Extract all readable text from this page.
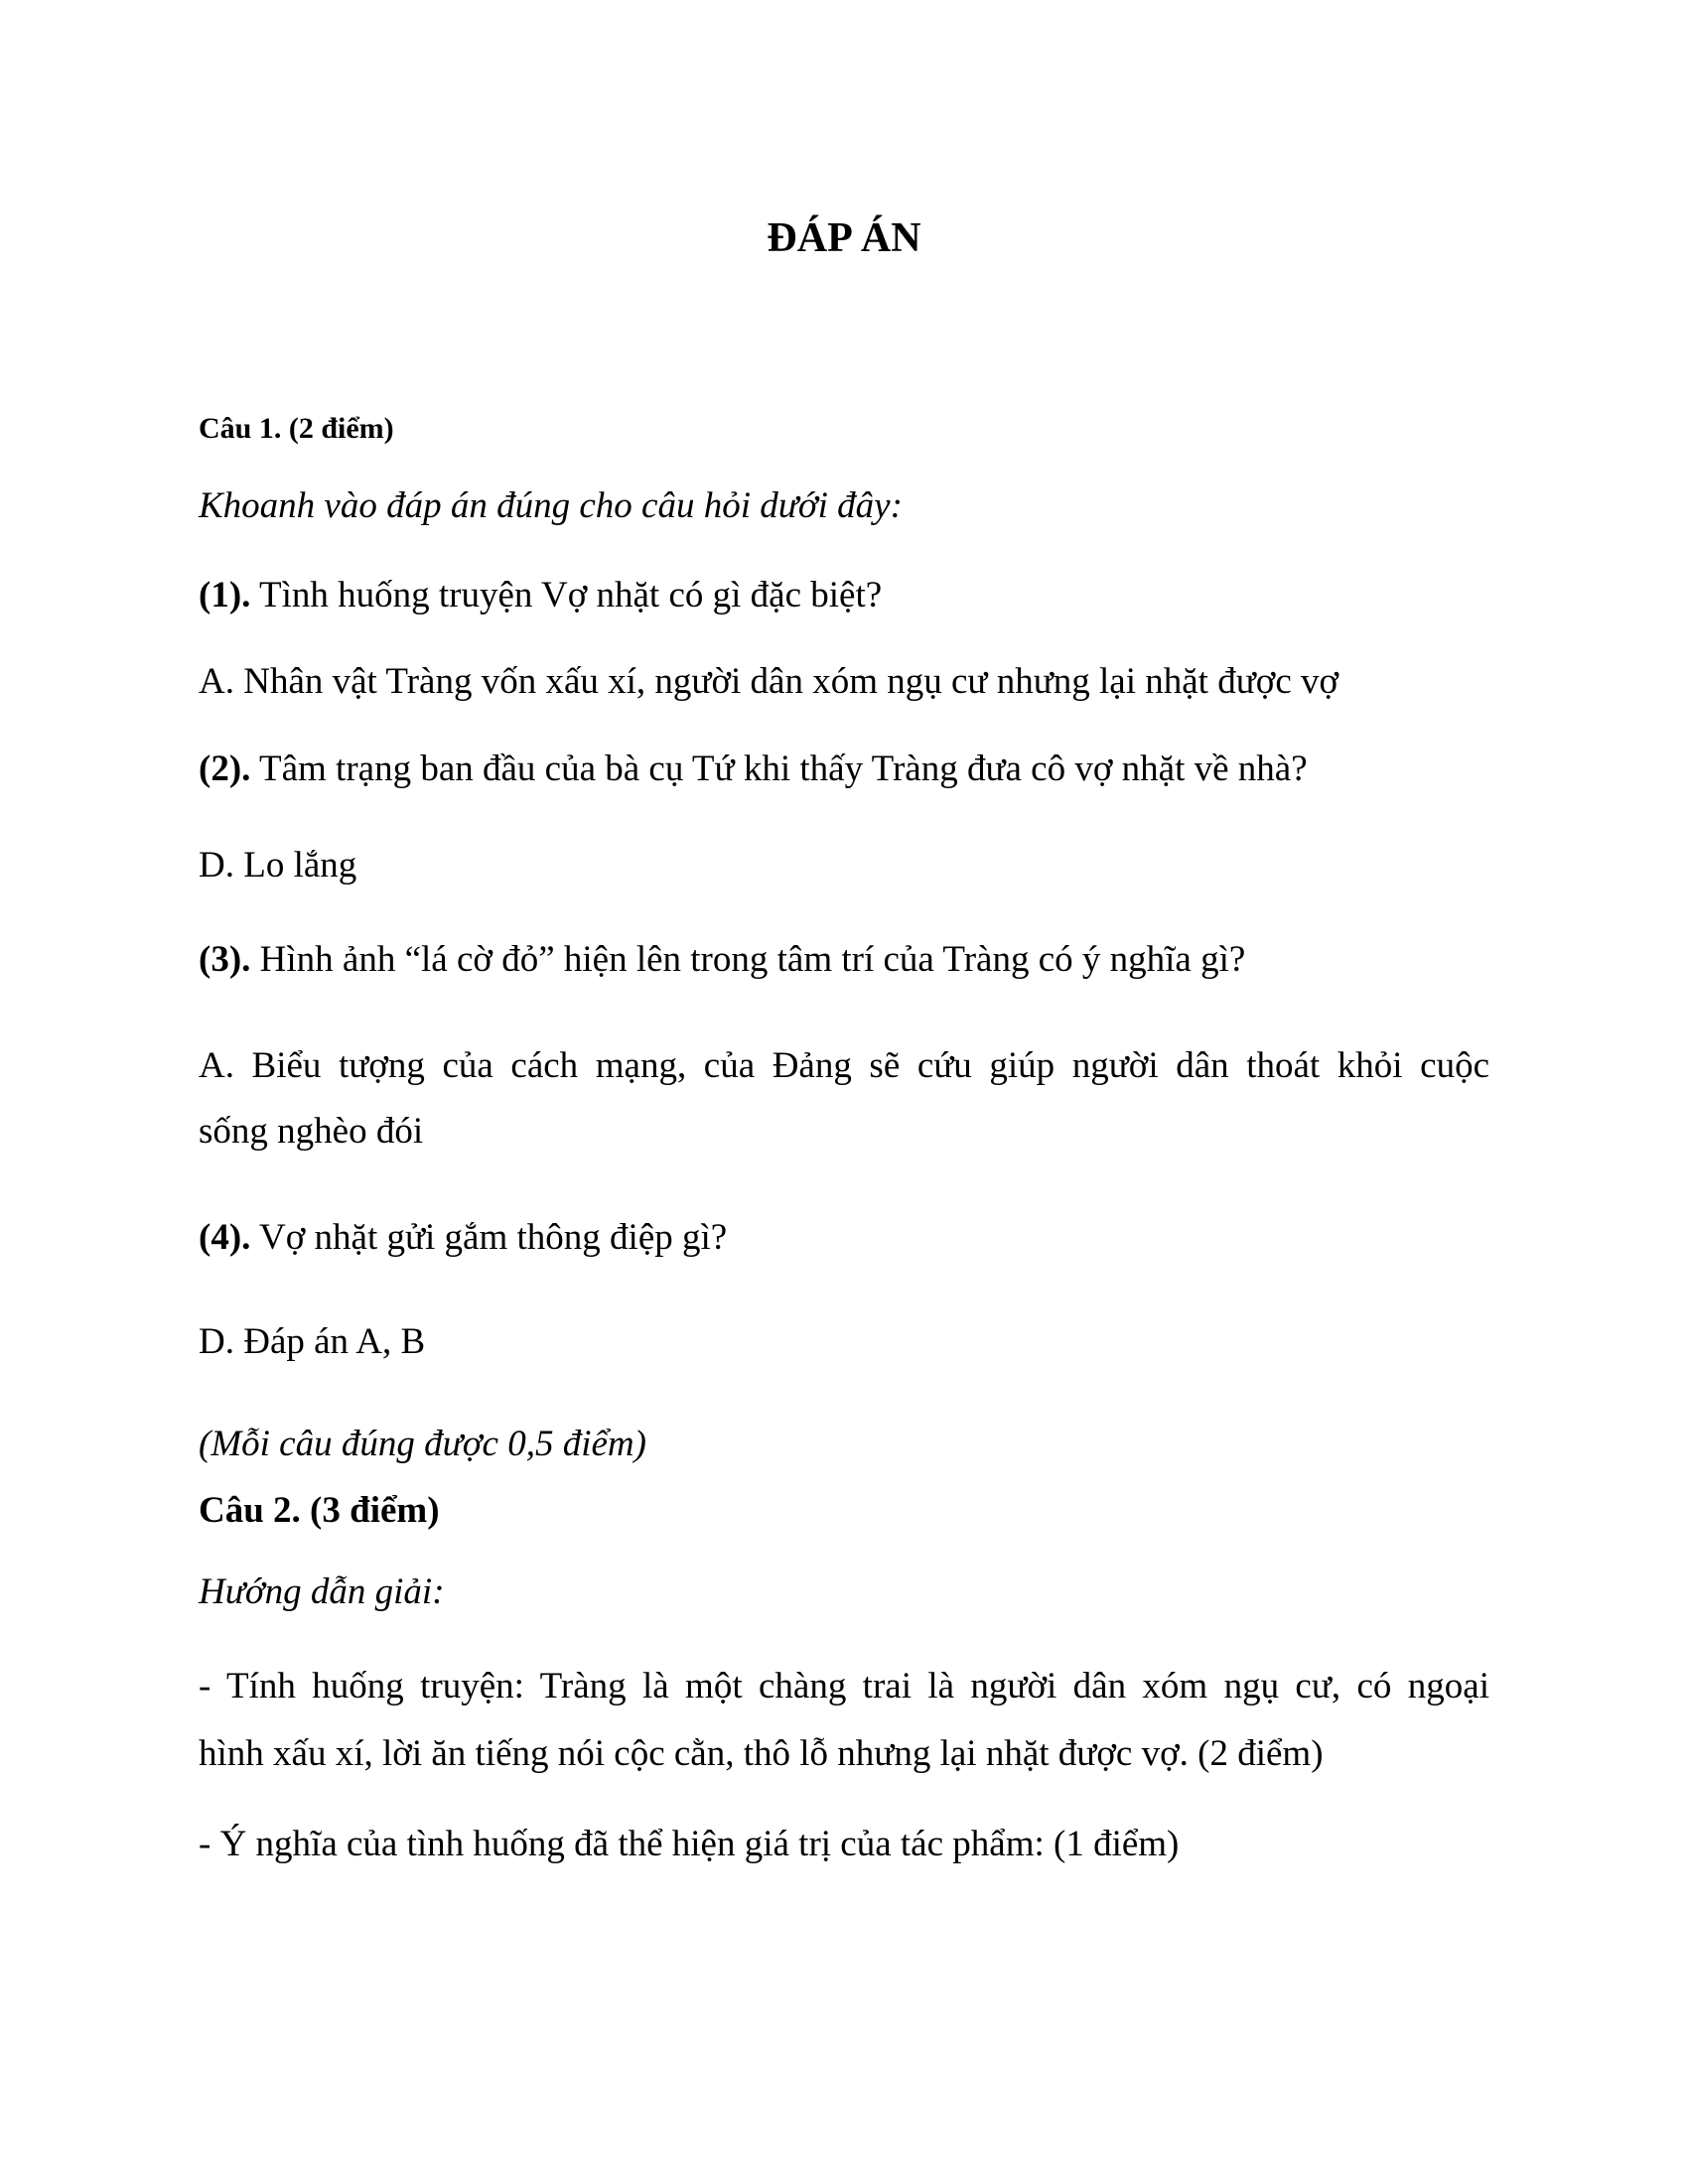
ĐÁP ÁN

Câu 1. (2 điểm)

Khoanh vào đáp án đúng cho câu hỏi dưới đây:

(1). Tình huống truyện Vợ nhặt có gì đặc biệt?

A. Nhân vật Tràng vốn xấu xí, người dân xóm ngụ cư nhưng lại nhặt được vợ

(2). Tâm trạng ban đầu của bà cụ Tứ khi thấy Tràng đưa cô vợ nhặt về nhà?

D. Lo lắng

(3). Hình ảnh “lá cờ đỏ” hiện lên trong tâm trí của Tràng có ý nghĩa gì?

A. Biểu tượng của cách mạng, của Đảng sẽ cứu giúp người dân thoát khỏi cuộc

sống nghèo đói

(4). Vợ nhặt gửi gắm thông điệp gì?

D. Đáp án A, B

(Mỗi câu đúng được 0,5 điểm)

Câu 2. (3 điểm)

Hướng dẫn giải:

- Tính huống truyện: Tràng là một chàng trai là người dân xóm ngụ cư, có ngoại

hình xấu xí, lời ăn tiếng nói cộc cằn, thô lỗ nhưng lại nhặt được vợ. (2 điểm)

- Ý nghĩa của tình huống đã thể hiện giá trị của tác phẩm: (1 điểm)
